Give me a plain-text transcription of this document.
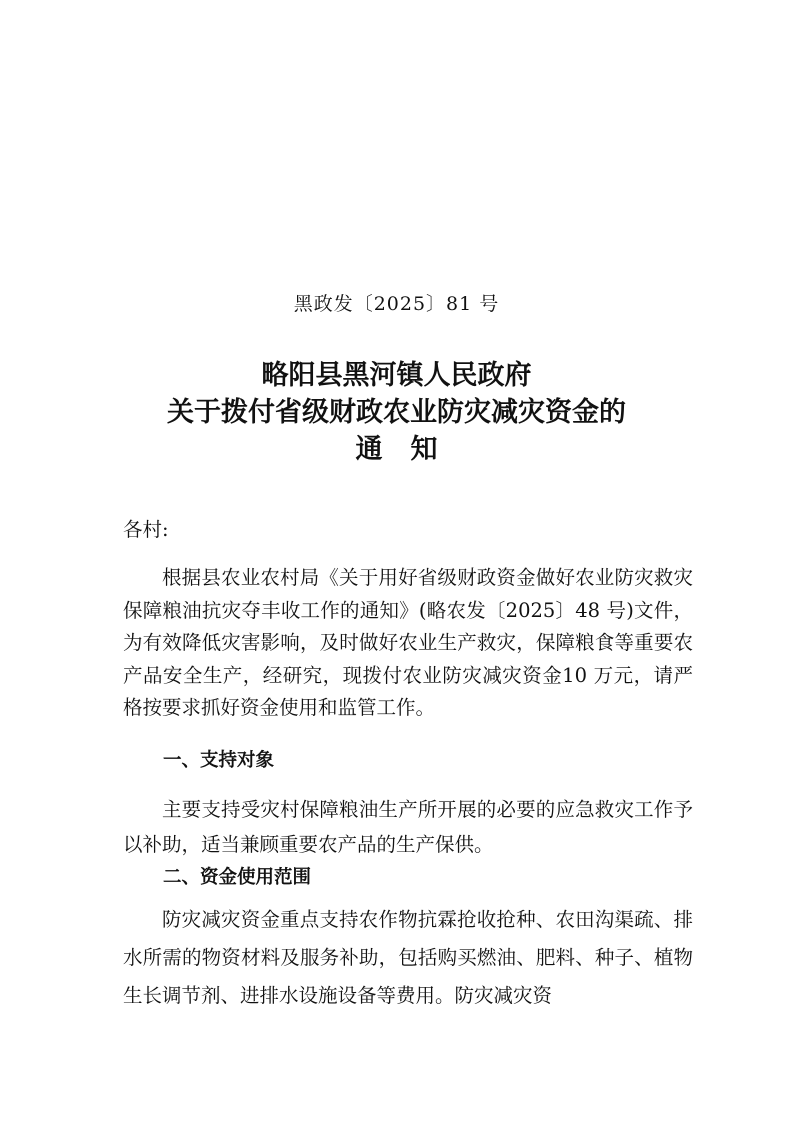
黑政发〔2025〕81 号
略阳县黑河镇人民政府
关于拨付省级财政农业防灾减灾资金的
通知
各村:
根据县农业农村局《关于用好省级财政资金做好农业防灾救灾保障粮油抗灾夺丰收工作的通知》(略农发〔2025〕48 号)文件，为有效降低灾害影响，及时做好农业生产救灾，保障粮食等重要农产品安全生产，经研究，现拨付农业防灾减灾资金10 万元，请严格按要求抓好资金使用和监管工作。
一、支持对象
主要支持受灾村保障粮油生产所开展的必要的应急救灾工作予以补助，适当兼顾重要农产品的生产保供。
二、资金使用范围
防灾减灾资金重点支持农作物抗霖抢收抢种、农田沟渠疏、排水所需的物资材料及服务补助，包括购买燃油、肥料、种子、植物生长调节剂、进排水设施设备等费用。防灾减灾资
